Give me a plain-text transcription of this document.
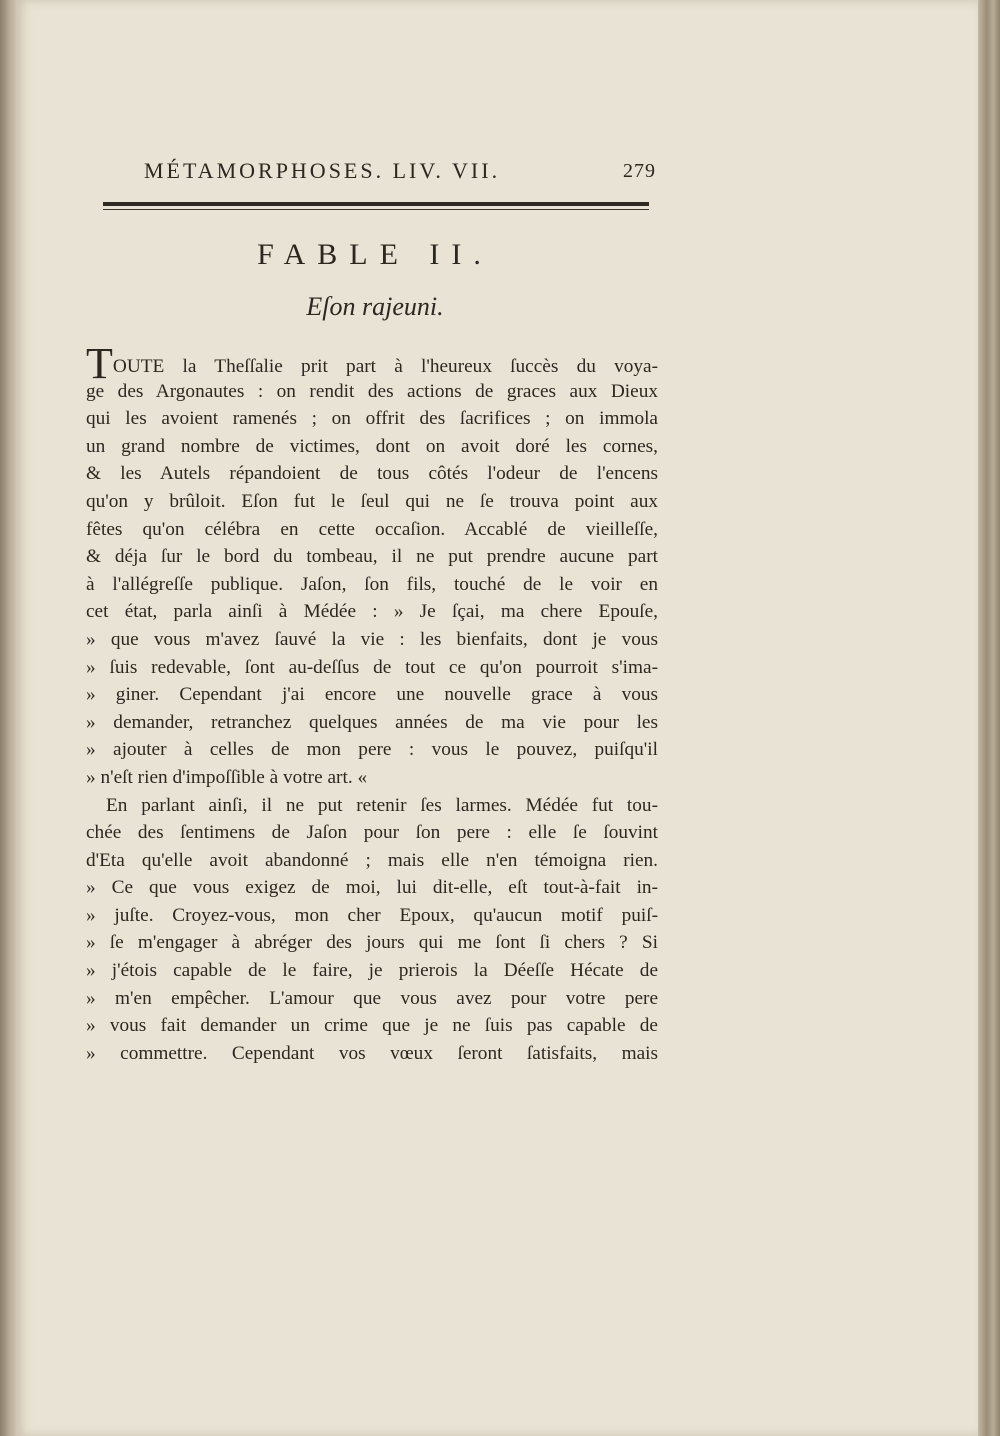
MÉTAMORPHOSES. LIV. VII.	279
FABLE II.
Eſon rajeuni.
TOUTE la Theſſalie prit part à l'heureux ſuccès du voya-
ge des Argonautes : on rendit des actions de graces aux Dieux
qui les avoient ramenés ; on offrit des ſacrifices ; on immola
un grand nombre de victimes, dont on avoit doré les cornes,
& les Autels répandoient de tous côtés l'odeur de l'encens
qu'on y brûloit. Eſon fut le ſeul qui ne ſe trouva point aux
fêtes qu'on célébra en cette occaſion. Accablé de vieilleſſe,
& déja ſur le bord du tombeau, il ne put prendre aucune part
à l'allégreſſe publique. Jaſon, ſon fils, touché de le voir en
cet état, parla ainſi à Médée : » Je ſçai, ma chere Epouſe,
» que vous m'avez ſauvé la vie : les bienfaits, dont je vous
» ſuis redevable, ſont au-deſſus de tout ce qu'on pourroit s'ima-
» giner. Cependant j'ai encore une nouvelle grace à vous
» demander, retranchez quelques années de ma vie pour les
» ajouter à celles de mon pere : vous le pouvez, puiſqu'il
» n'eſt rien d'impoſſible à votre art. «
En parlant ainſi, il ne put retenir ſes larmes. Médée fut tou-
chée des ſentimens de Jaſon pour ſon pere : elle ſe ſouvint
d'Eta qu'elle avoit abandonné ; mais elle n'en témoigna rien.
» Ce que vous exigez de moi, lui dit-elle, eſt tout-à-fait in-
» juſte. Croyez-vous, mon cher Epoux, qu'aucun motif puiſ-
» ſe m'engager à abréger des jours qui me ſont ſi chers ? Si
» j'étois capable de le faire, je prierois la Déeſſe Hécate de
» m'en empêcher. L'amour que vous avez pour votre pere
» vous fait demander un crime que je ne ſuis pas capable de
» commettre. Cependant vos vœux ſeront ſatisfaits, mais
